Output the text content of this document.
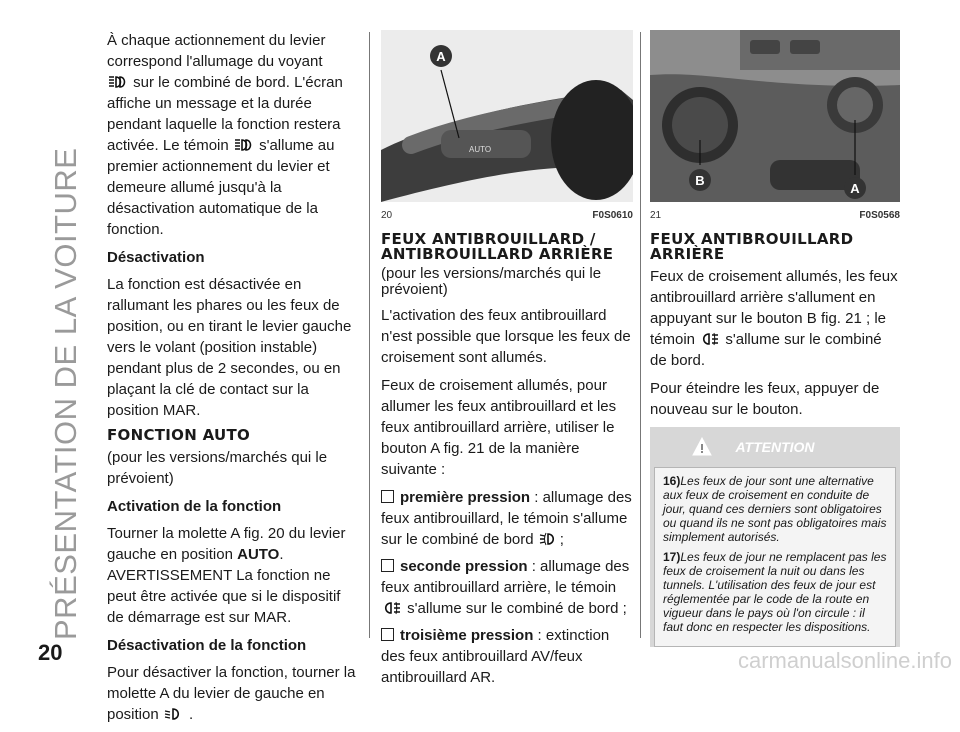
PRÉSENTATION DE LA VOITURE

À chaque actionnement du levier correspond l'allumage du voyant
sur le combiné de bord. L'écran affiche un message et la durée pendant laquelle la fonction restera activée. Le témoin s'allume au premier actionnement du levier et demeure allumé jusqu'à la désactivation automatique de la fonction.

Désactivation

La fonction est désactivée en rallumant les phares ou les feux de position, ou en tirant le levier gauche vers le volant (position instable) pendant plus de 2 secondes, ou en plaçant la clé de contact sur la position MAR.

FONCTION AUTO

(pour les versions/marchés qui le prévoient)

Activation de la fonction

Tourner la molette A fig. 20 du levier gauche en position AUTO. AVERTISSEMENT La fonction ne peut être activée que si le dispositif de démarrage est sur MAR.

Désactivation de la fonction

Pour désactiver la fonction, tourner la molette A du levier de gauche en position .

A
AUTO
20	F0S0610
FEUX ANTIBROUILLARD / ANTIBROUILLARD ARRIÈRE

(pour les versions/marchés qui le prévoient)

L'activation des feux antibrouillard n'est possible que lorsque les feux de croisement sont allumés.

Feux de croisement allumés, pour allumer les feux antibrouillard et les feux antibrouillard arrière, utiliser le bouton A fig. 21 de la manière suivante :

première pression : allumage des feux antibrouillard, le témoin s'allume sur le combiné de bord ;

seconde pression : allumage des feux antibrouillard arrière, le témoin
s'allume sur le combiné de bord ;

troisième pression : extinction des feux antibrouillard AV/feux antibrouillard AR.

B
A
21	F0S0568
FEUX ANTIBROUILLARD ARRIÈRE

Feux de croisement allumés, les feux antibrouillard arrière s'allument en appuyant sur le bouton B fig. 21 ; le témoin s'allume sur le combiné de bord.

Pour éteindre les feux, appuyer de nouveau sur le bouton.

ATTENTION

16)Les feux de jour sont une alternative aux feux de croisement en conduite de jour, quand ces derniers sont obligatoires ou quand ils ne sont pas obligatoires mais simplement autorisés.

17)Les feux de jour ne remplacent pas les feux de croisement la nuit ou dans les tunnels. L'utilisation des feux de jour est réglementée par le code de la route en vigueur dans le pays où l'on circule : il faut donc en respecter les dispositions.

20	carmanualsonline.info
